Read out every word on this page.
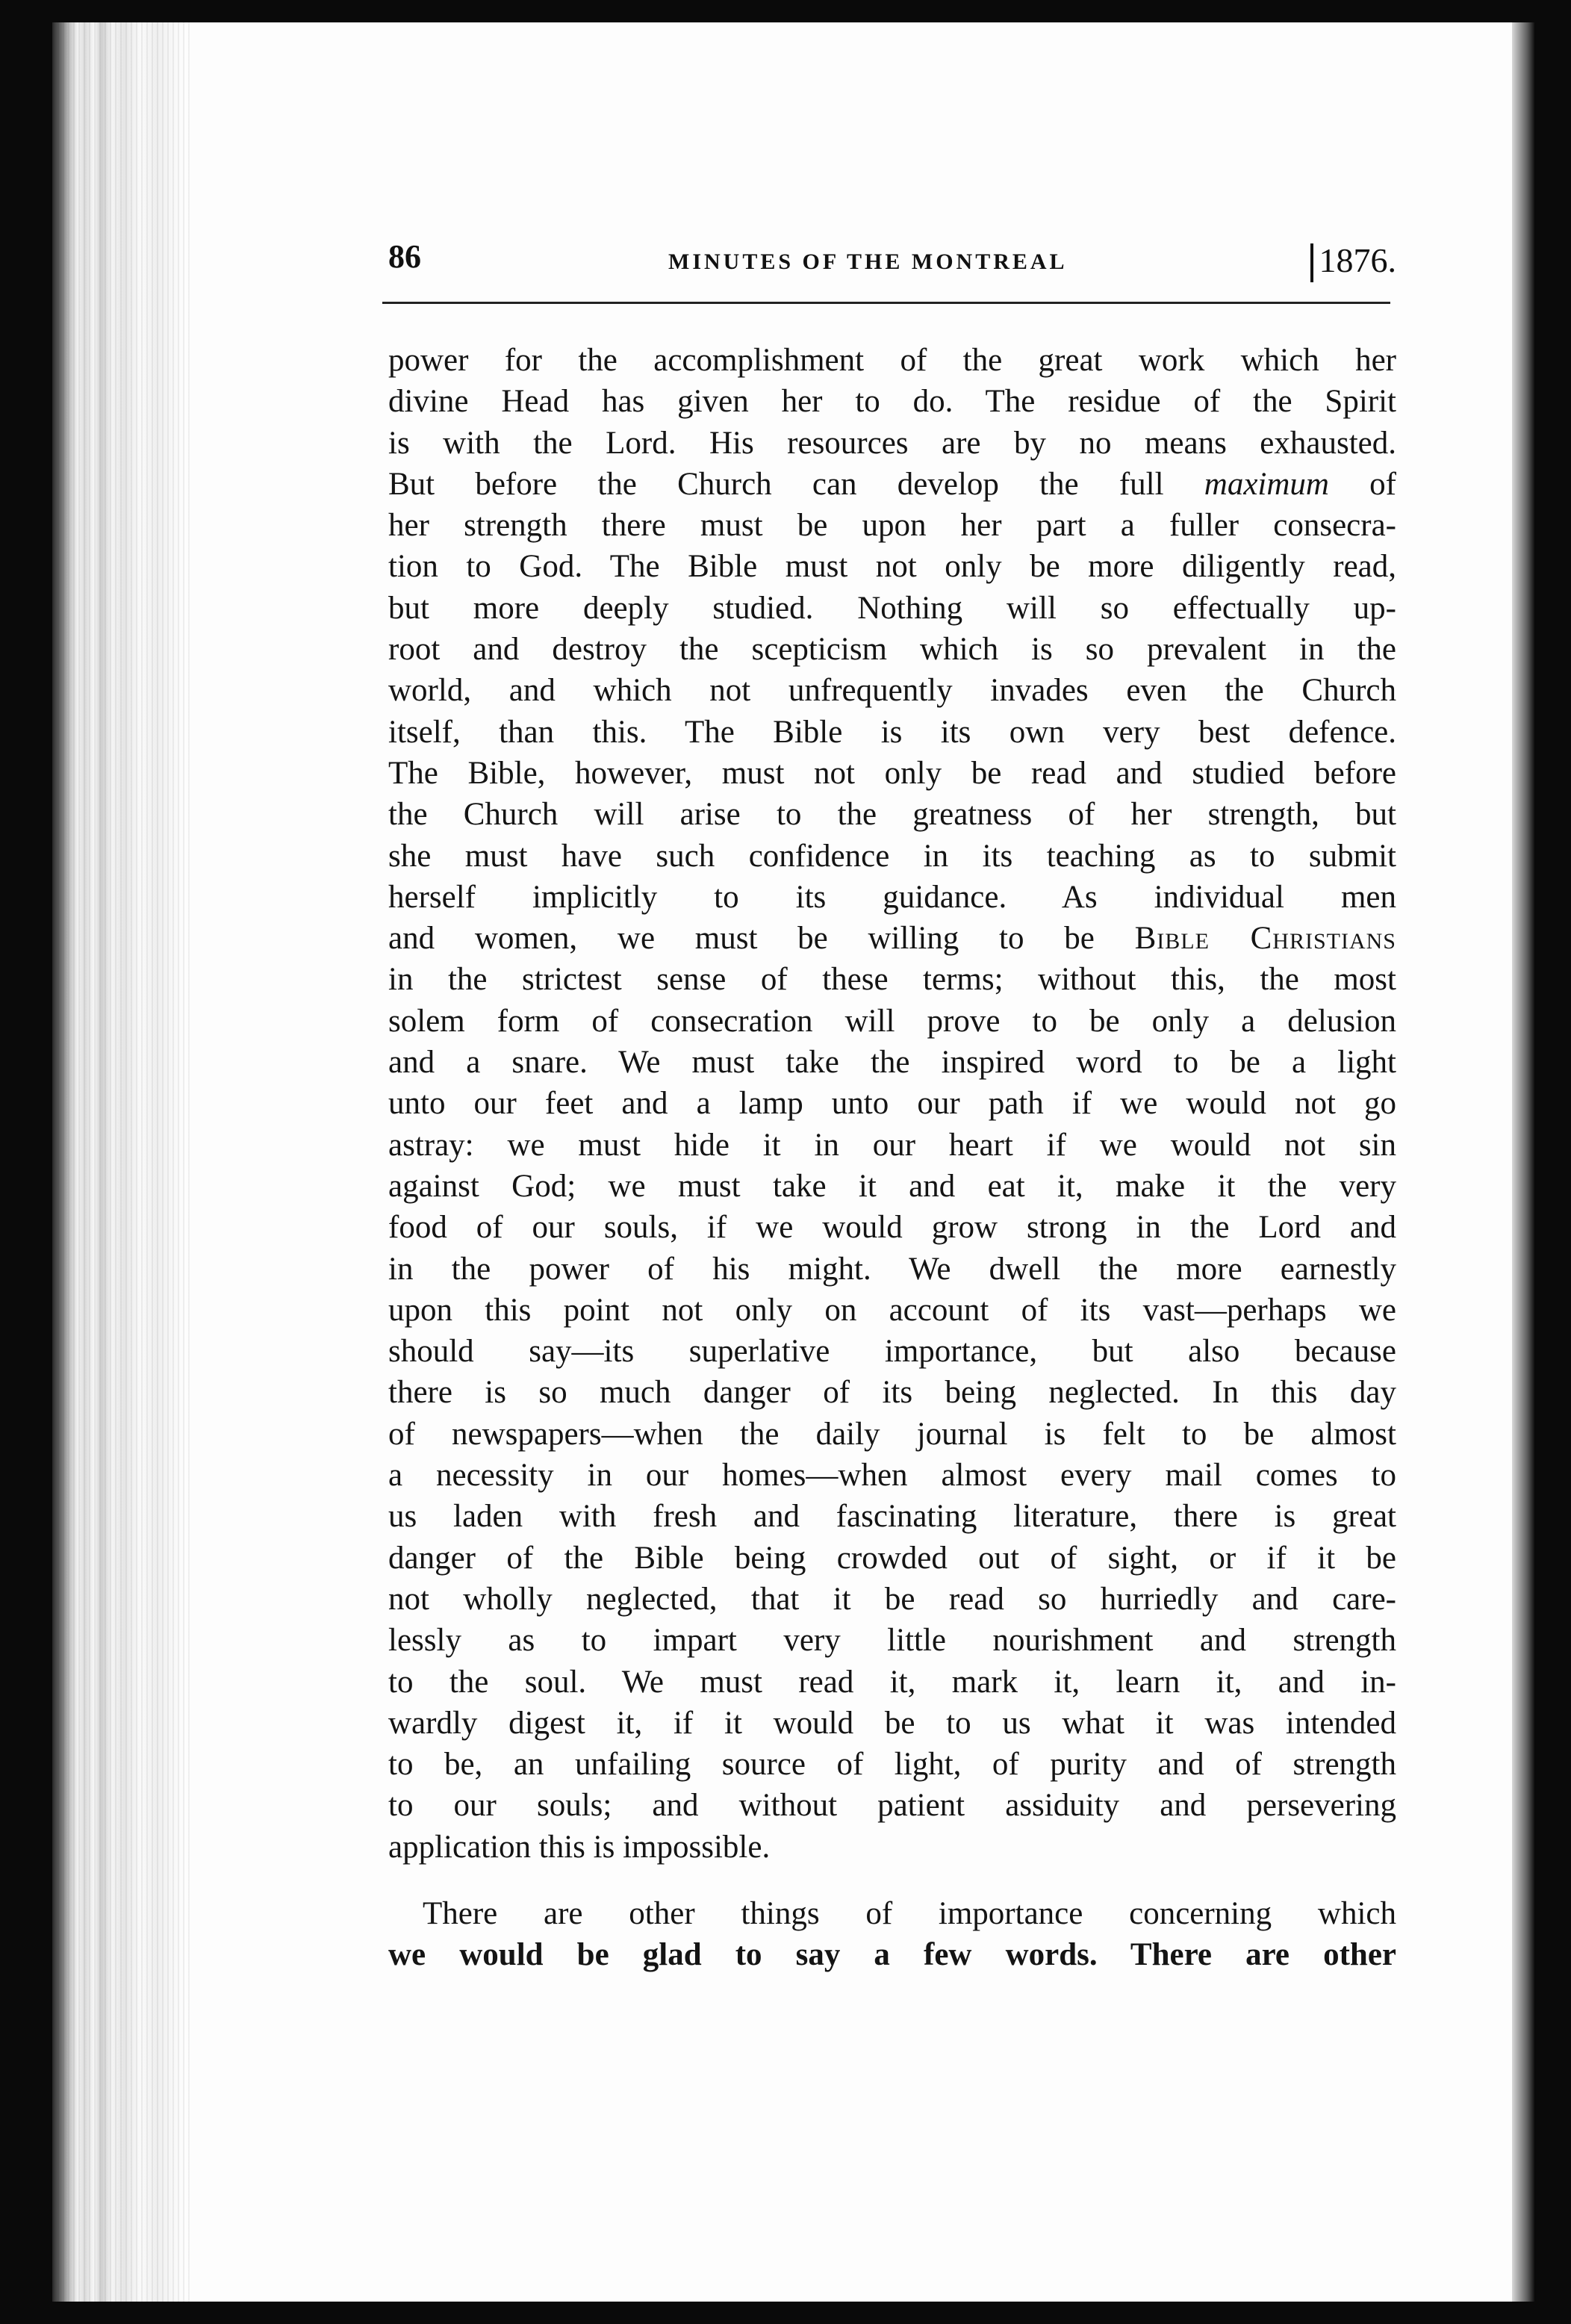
86	MINUTES OF THE MONTREAL	1876.
power for the accomplishment of the great work which her
divine Head has given her to do. The residue of the Spirit
is with the Lord. His resources are by no means exhausted.
But before the Church can develop the full maximum of
her strength there must be upon her part a fuller consecra-
tion to God. The Bible must not only be more diligently read,
but more deeply studied. Nothing will so effectually up-
root and destroy the scepticism which is so prevalent in the
world, and which not unfrequently invades even the Church
itself, than this. The Bible is its own very best defence.
The Bible, however, must not only be read and studied before
the Church will arise to the greatness of her strength, but
she must have such confidence in its teaching as to submit
herself implicitly to its guidance. As individual men
and women, we must be willing to be Bible Christians
in the strictest sense of these terms; without this, the most
solem form of consecration will prove to be only a delusion
and a snare. We must take the inspired word to be a light
unto our feet and a lamp unto our path if we would not go
astray: we must hide it in our heart if we would not sin
against God; we must take it and eat it, make it the very
food of our souls, if we would grow strong in the Lord and
in the power of his might. We dwell the more earnestly
upon this point not only on account of its vast—perhaps we
should say—its superlative importance, but also because
there is so much danger of its being neglected. In this day
of newspapers—when the daily journal is felt to be almost
a necessity in our homes—when almost every mail comes to
us laden with fresh and fascinating literature, there is great
danger of the Bible being crowded out of sight, or if it be
not wholly neglected, that it be read so hurriedly and care-
lessly as to impart very little nourishment and strength
to the soul. We must read it, mark it, learn it, and in-
wardly digest it, if it would be to us what it was intended
to be, an unfailing source of light, of purity and of strength
to our souls; and without patient assiduity and persevering
application this is impossible.
There are other things of importance concerning which
we would be glad to say a few words. There are other
